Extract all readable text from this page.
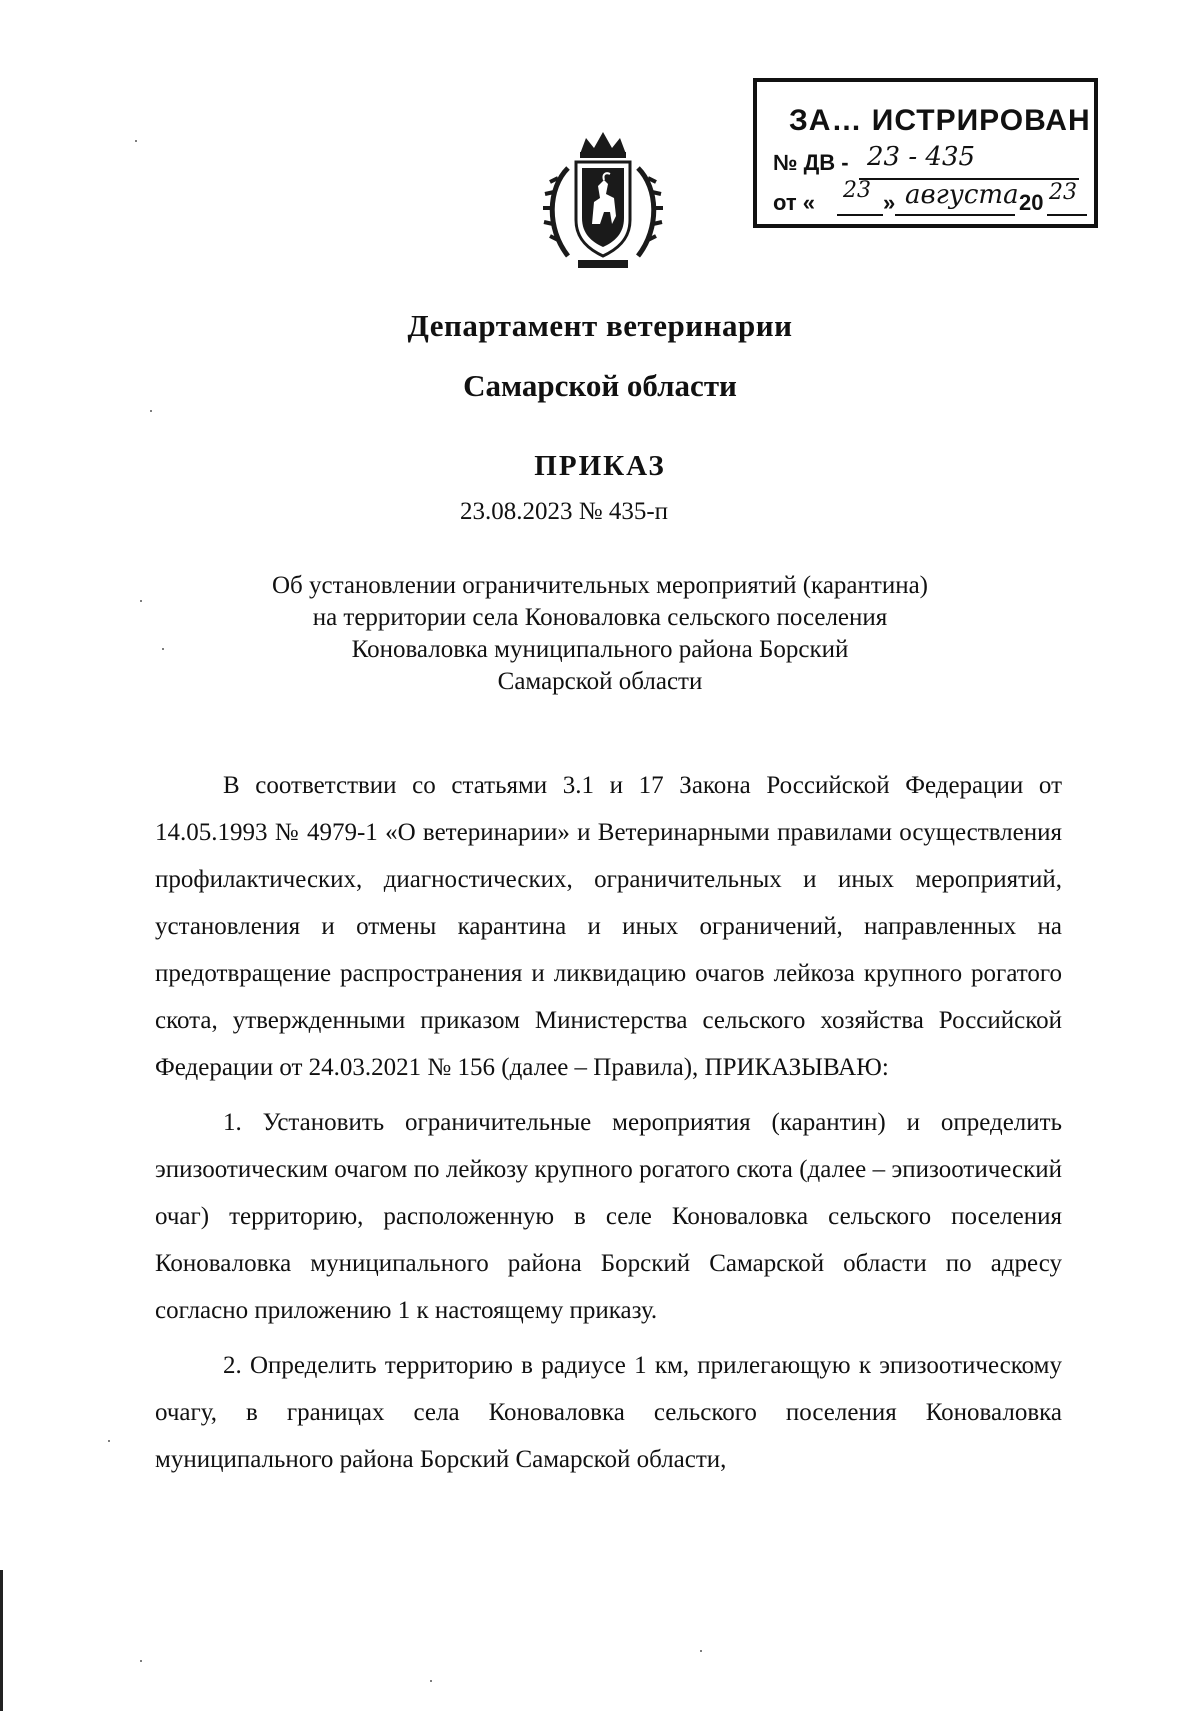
ЗА… ИСТРИРОВАН
№ ДВ - 23 - 435
от « 23 » августа 20 23
Департамент ветеринарии
Самарской области
ПРИКАЗ
23.08.2023 № 435-п
Об установлении ограничительных мероприятий (карантина)
на территории села Коноваловка сельского поселения
Коноваловка муниципального района Борский
Самарской области

В соответствии со статьями 3.1 и 17 Закона Российской Федерации от 14.05.1993 № 4979-1 «О ветеринарии» и Ветеринарными правилами осуществления профилактических, диагностических, ограничительных и иных мероприятий, установления и отмены карантина и иных ограничений, направленных на предотвращение распространения и ликвидацию очагов лейкоза крупного рогатого скота, утвержденными приказом Министерства сельского хозяйства Российской Федерации от 24.03.2021 № 156 (далее – Правила), ПРИКАЗЫВАЮ:

1. Установить ограничительные мероприятия (карантин) и определить эпизоотическим очагом по лейкозу крупного рогатого скота (далее – эпизоотический очаг) территорию, расположенную в селе Коноваловка сельского поселения Коноваловка муниципального района Борский Самарской области по адресу согласно приложению 1 к настоящему приказу.

2. Определить территорию в радиусе 1 км, прилегающую к эпизоотическому очагу, в границах села Коноваловка сельского поселения Коноваловка муниципального района Борский Самарской области,
